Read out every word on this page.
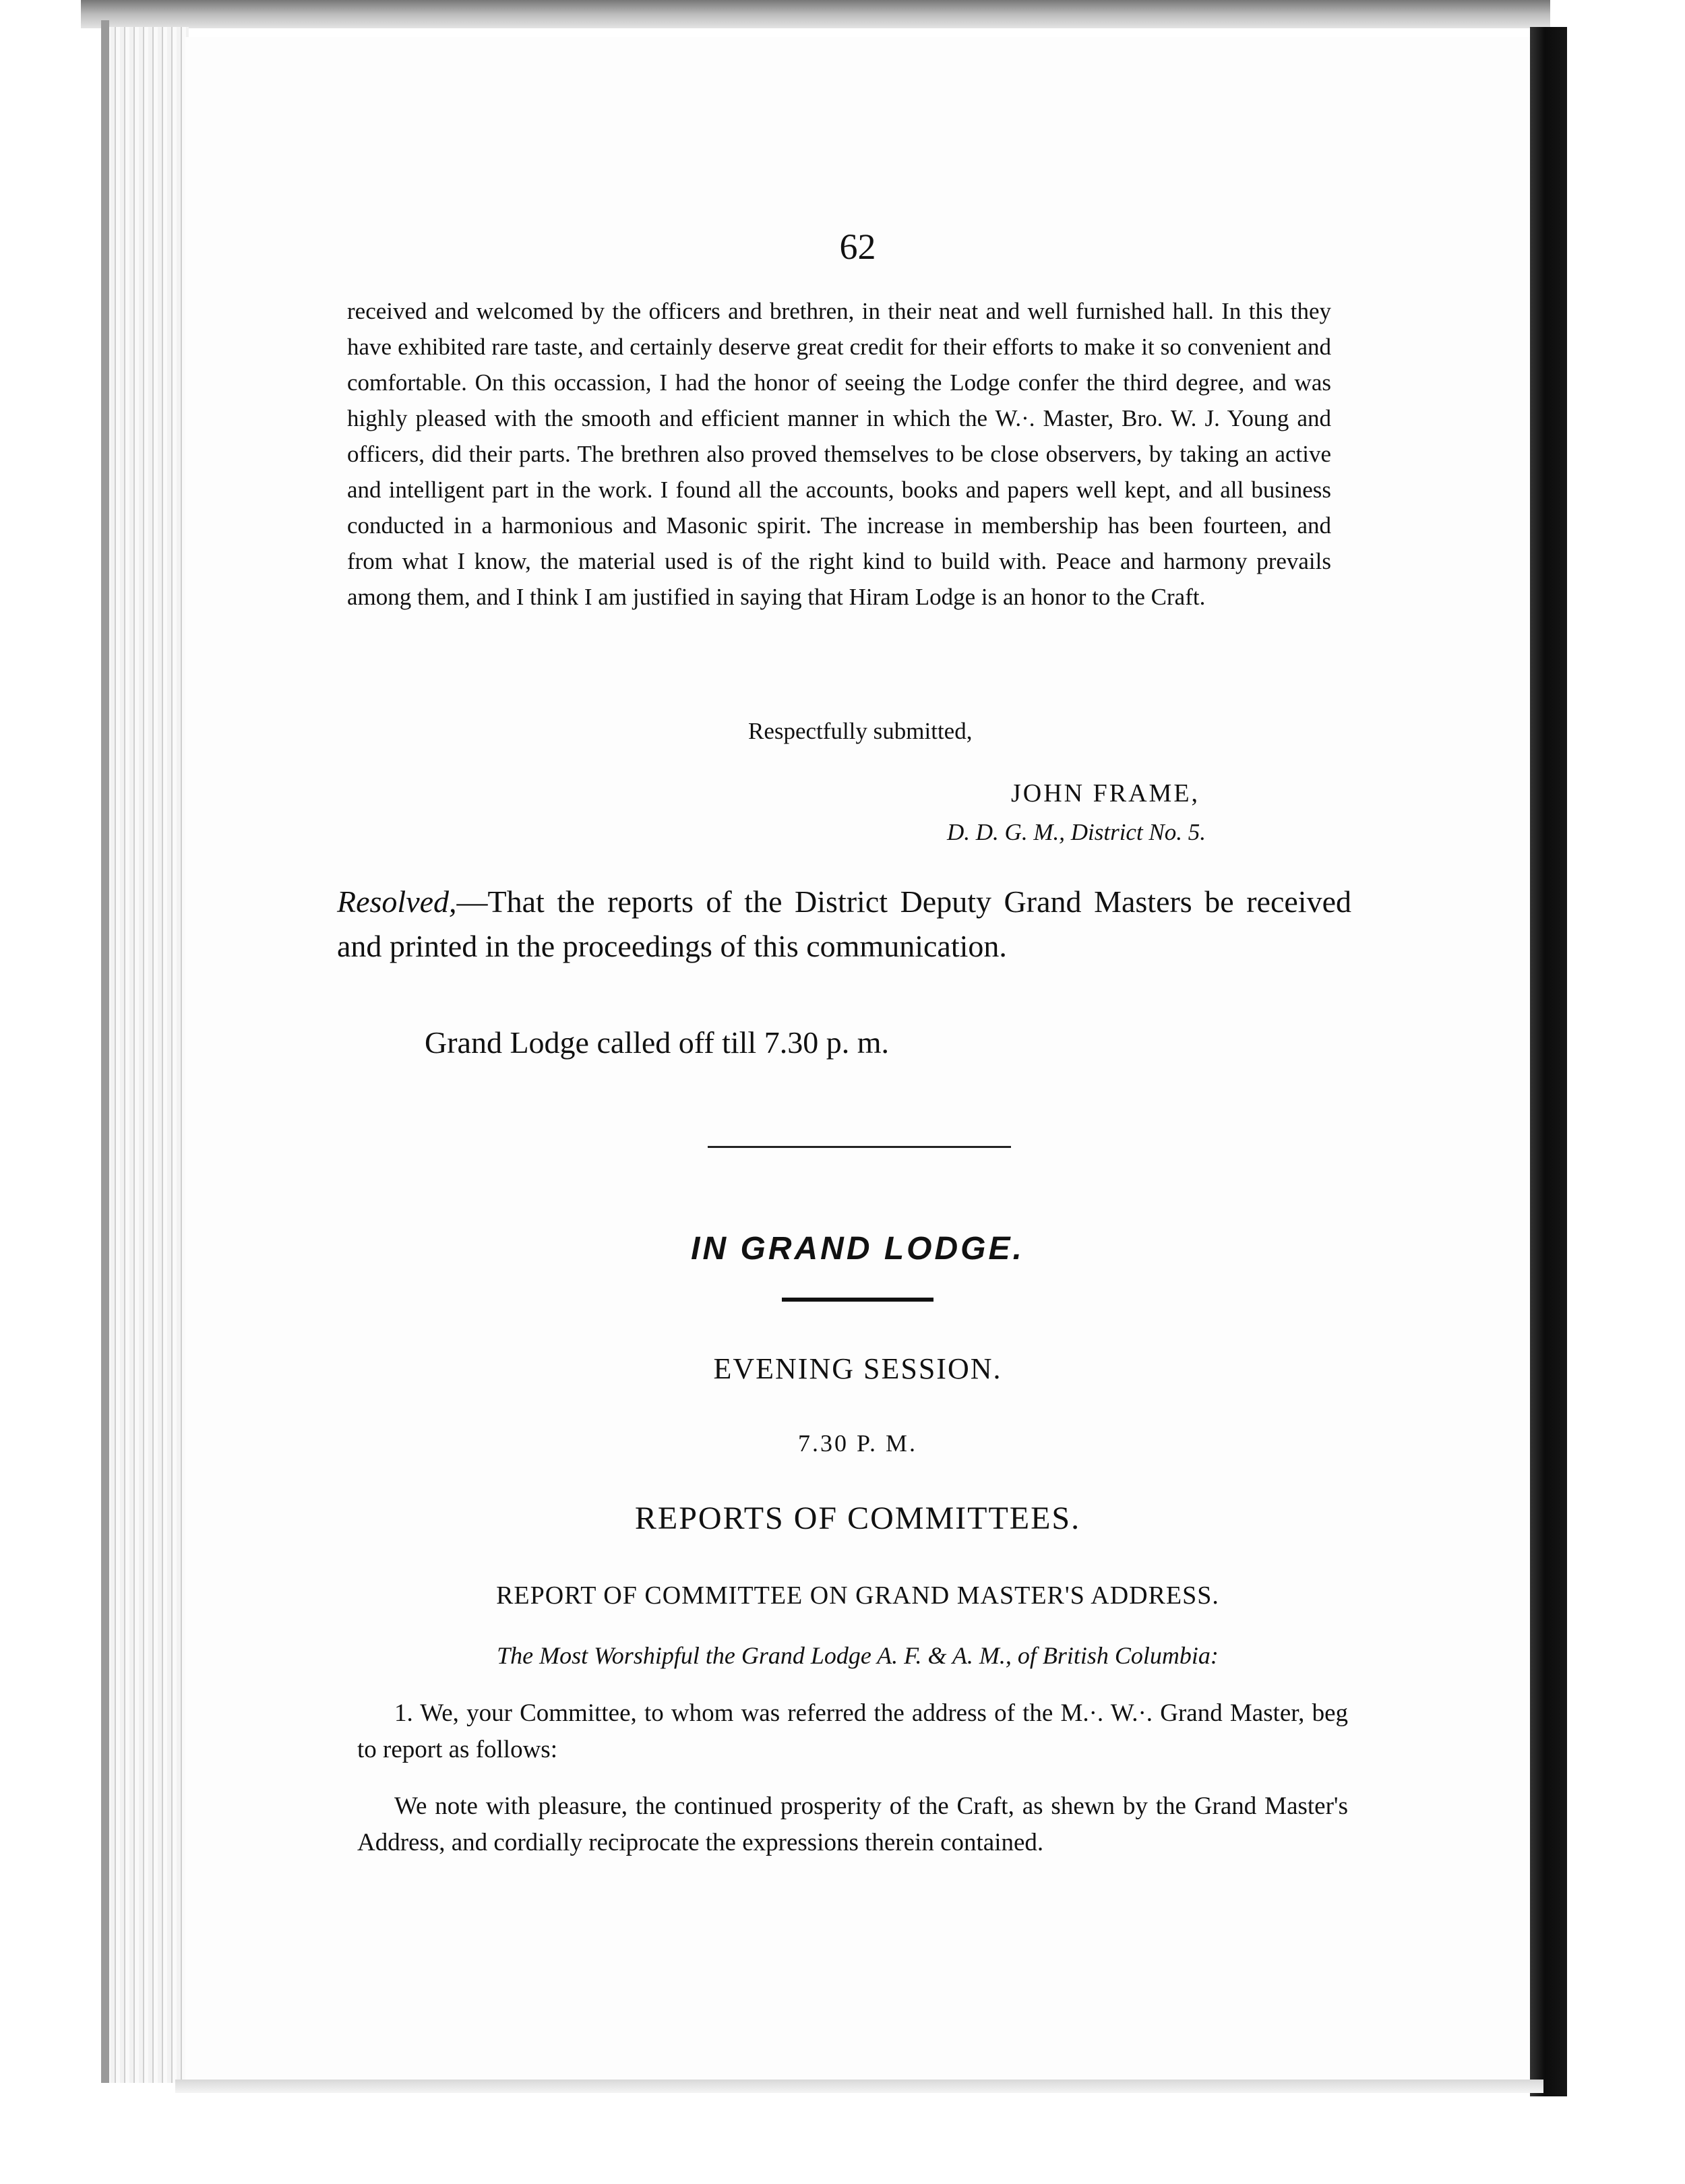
62
received and welcomed by the officers and brethren, in their neat and well furnished hall. In this they have exhibited rare taste, and certainly deserve great credit for their efforts to make it so convenient and comfortable. On this occassion, I had the honor of seeing the Lodge confer the third degree, and was highly pleased with the smooth and efficient manner in which the W.·. Master, Bro. W. J. Young and officers, did their parts. The brethren also proved themselves to be close observers, by taking an active and intelligent part in the work. I found all the accounts, books and papers well kept, and all business conducted in a harmonious and Masonic spirit. The increase in membership has been fourteen, and from what I know, the material used is of the right kind to build with. Peace and harmony prevails among them, and I think I am justified in saying that Hiram Lodge is an honor to the Craft.
Respectfully submitted,
JOHN FRAME,
D. D. G. M., District No. 5.
Resolved,—That the reports of the District Deputy Grand Masters be received and printed in the proceedings of this communication.
Grand Lodge called off till 7.30 p. m.
IN GRAND LODGE.
EVENING SESSION.
7.30 P. M.
REPORTS OF COMMITTEES.
REPORT OF COMMITTEE ON GRAND MASTER'S ADDRESS.
The Most Worshipful the Grand Lodge A. F. & A. M., of British Columbia:
1. We, your Committee, to whom was referred the address of the M.·. W.·. Grand Master, beg to report as follows:
We note with pleasure, the continued prosperity of the Craft, as shewn by the Grand Master's Address, and cordially reciprocate the expressions therein contained.
